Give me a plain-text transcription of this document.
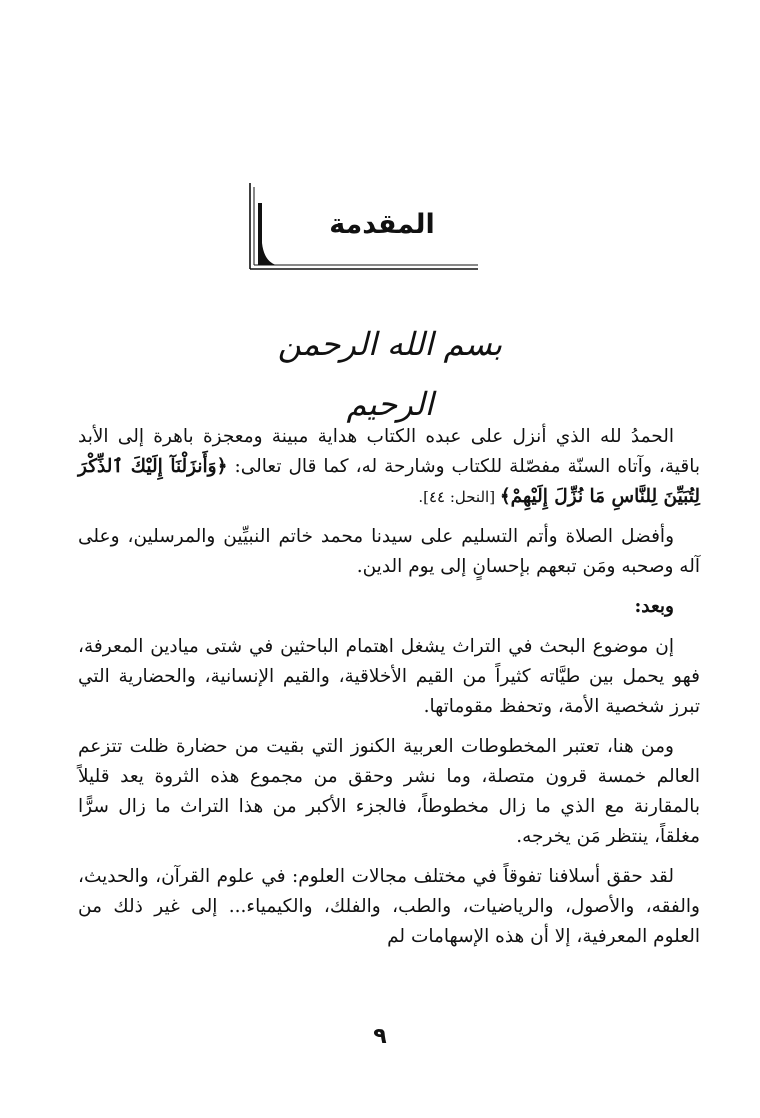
المقدمة
بسم الله الرحمن الرحيم

الحمدُ لله الذي أنزل على عبده الكتاب هداية مبينة ومعجزة باهرة إلى الأبد باقية، وآتاه السنّة مفصّلة للكتاب وشارحة له، كما قال تعالى: ﴿وَأَنزَلْنَآ إِلَيْكَ ٱلذِّكْرَ لِتُبَيِّنَ لِلنَّاسِ مَا نُزِّلَ إِلَيْهِمْ﴾ [النحل: ٤٤].

وأفضل الصلاة وأتم التسليم على سيدنا محمد خاتم النبيِّين والمرسلين، وعلى آله وصحبه ومَن تبعهم بإحسانٍ إلى يوم الدين.

وبعد:

إن موضوع البحث في التراث يشغل اهتمام الباحثين في شتى ميادين المعرفة، فهو يحمل بين طيَّاته كثيراً من القيم الأخلاقية، والقيم الإنسانية، والحضارية التي تبرز شخصية الأمة، وتحفظ مقوماتها.

ومن هنا، تعتبر المخطوطات العربية الكنوز التي بقيت من حضارة ظلت تتزعم العالم خمسة قرون متصلة، وما نشر وحقق من مجموع هذه الثروة يعد قليلاً بالمقارنة مع الذي ما زال مخطوطاً، فالجزء الأكبر من هذا التراث ما زال سرًّا مغلقاً، ينتظر مَن يخرجه.

لقد حقق أسلافنا تفوقاً في مختلف مجالات العلوم: في علوم القرآن، والحديث، والفقه، والأصول، والرياضيات، والطب، والفلك، والكيمياء... إلى غير ذلك من العلوم المعرفية، إلا أن هذه الإسهامات لم

٩
